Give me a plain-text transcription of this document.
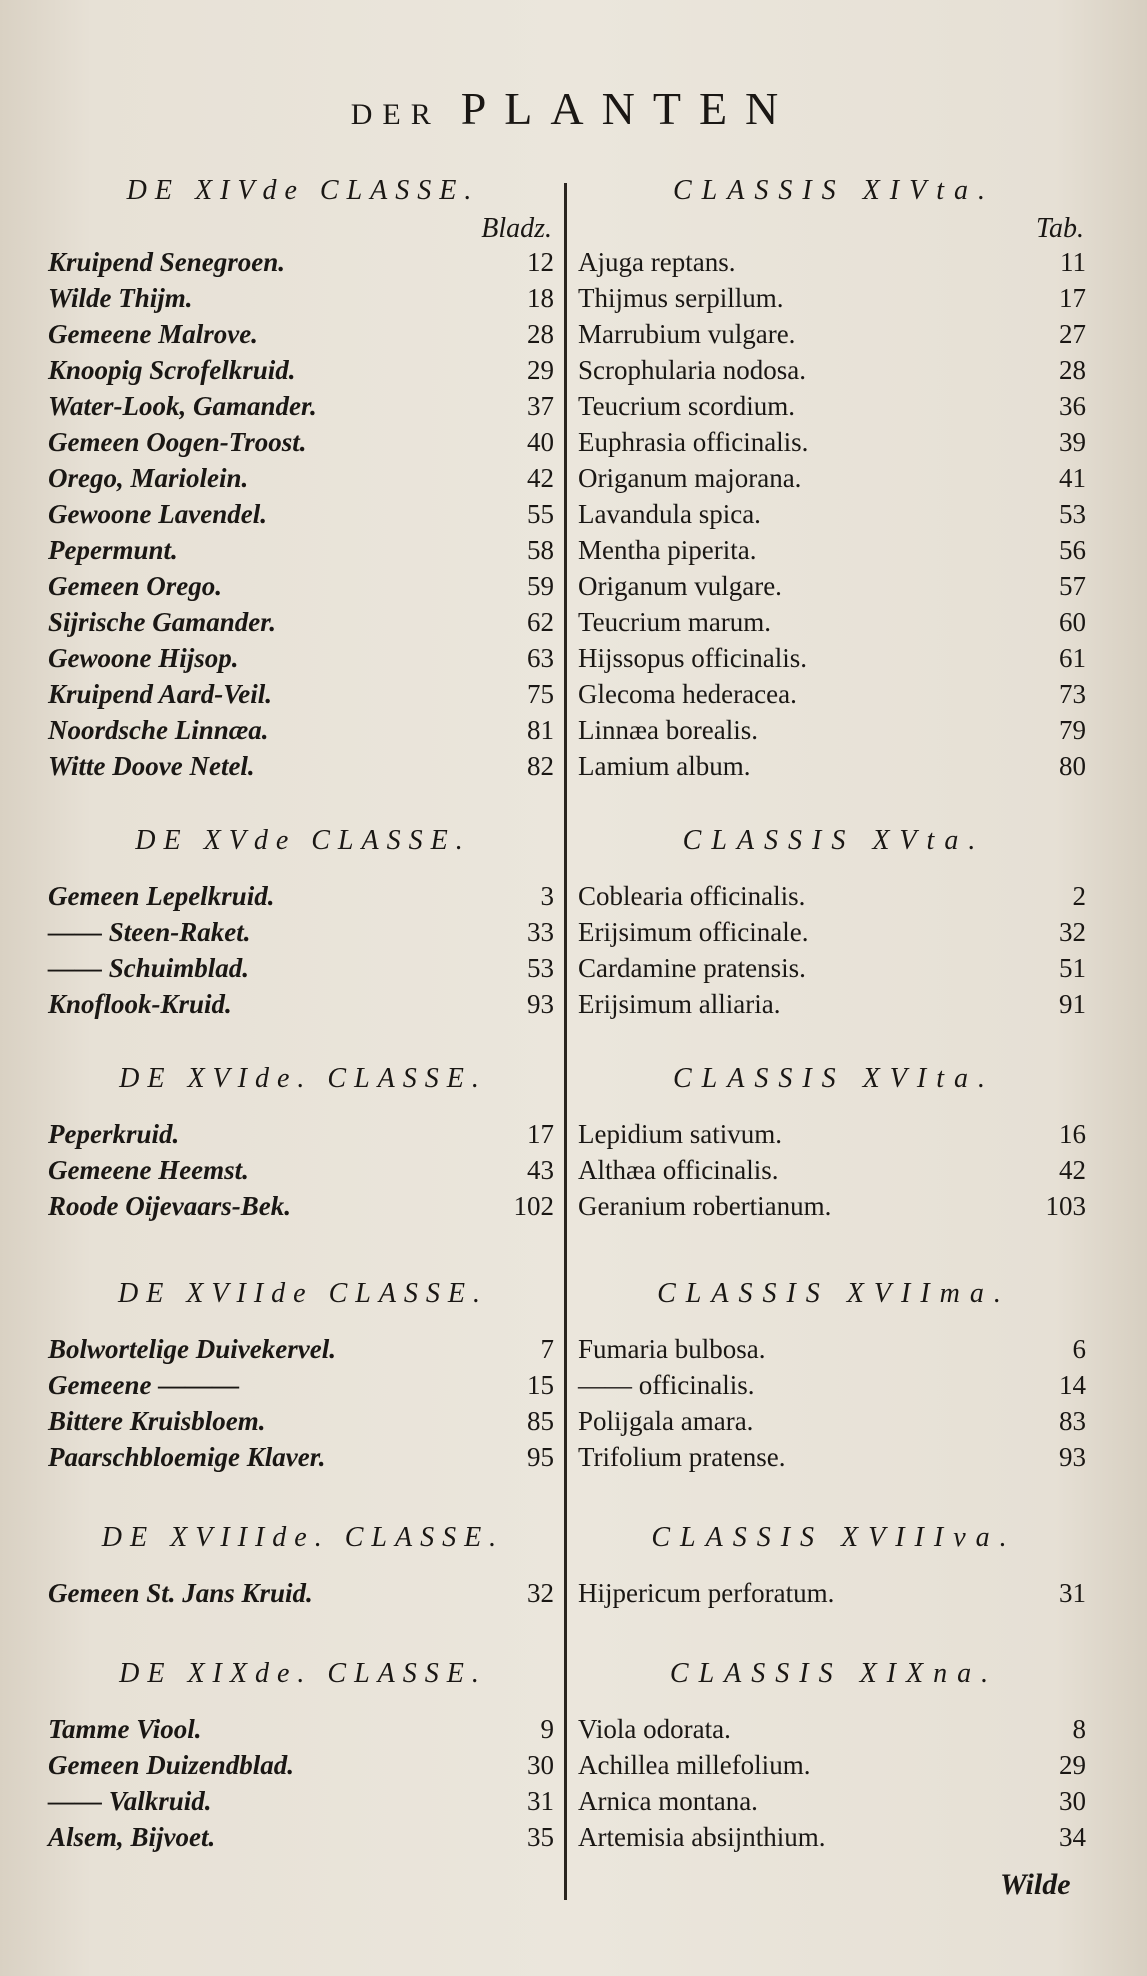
DER PLANTEN
DE XIVde CLASSE.
Bladz.
Kruipend Senegroen.	12
Wilde Thijm.	18
Gemeene Malrove.	28
Knoopig Scrofelkruid.	29
Water-Look, Gamander.	37
Gemeen Oogen-Troost.	40
Orego, Mariolein.	42
Gewoone Lavendel.	55
Pepermunt.	58
Gemeen Orego.	59
Sijrische Gamander.	62
Gewoone Hijsop.	63
Kruipend Aard-Veil.	75
Noordsche Linnæa.	81
Witte Doove Netel.	82
DE XVde CLASSE.
Gemeen Lepelkruid.	3
—— Steen-Raket.	33
—— Schuimblad.	53
Knoflook-Kruid.	93
DE XVIde. CLASSE.
Peperkruid.	17
Gemeene Heemst.	43
Roode Oijevaars-Bek.	102
DE XVIIde CLASSE.
Bolwortelige Duivekervel.	7
Gemeene ———	15
Bittere Kruisbloem.	85
Paarschbloemige Klaver.	95
DE XVIIIde. CLASSE.
Gemeen St. Jans Kruid.	32
DE XIXde. CLASSE.
Tamme Viool.	9
Gemeen Duizendblad.	30
—— Valkruid.	31
Alsem, Bijvoet.	35
CLASSIS XIVta.
Tab.
Ajuga reptans.	11
Thijmus serpillum.	17
Marrubium vulgare.	27
Scrophularia nodosa.	28
Teucrium scordium.	36
Euphrasia officinalis.	39
Origanum majorana.	41
Lavandula spica.	53
Mentha piperita.	56
Origanum vulgare.	57
Teucrium marum.	60
Hijssopus officinalis.	61
Glecoma hederacea.	73
Linnæa borealis.	79
Lamium album.	80
CLASSIS XVta.
Coblearia officinalis.	2
Erijsimum officinale.	32
Cardamine pratensis.	51
Erijsimum alliaria.	91
CLASSIS XVIta.
Lepidium sativum.	16
Althæa officinalis.	42
Geranium robertianum.	103
CLASSIS XVIIma.
Fumaria bulbosa.	6
—— officinalis.	14
Polijgala amara.	83
Trifolium pratense.	93
CLASSIS XVIIIva.
Hijpericum perforatum.	31
CLASSIS XIXna.
Viola odorata.	8
Achillea millefolium.	29
Arnica montana.	30
Artemisia absijnthium.	34
Wilde
